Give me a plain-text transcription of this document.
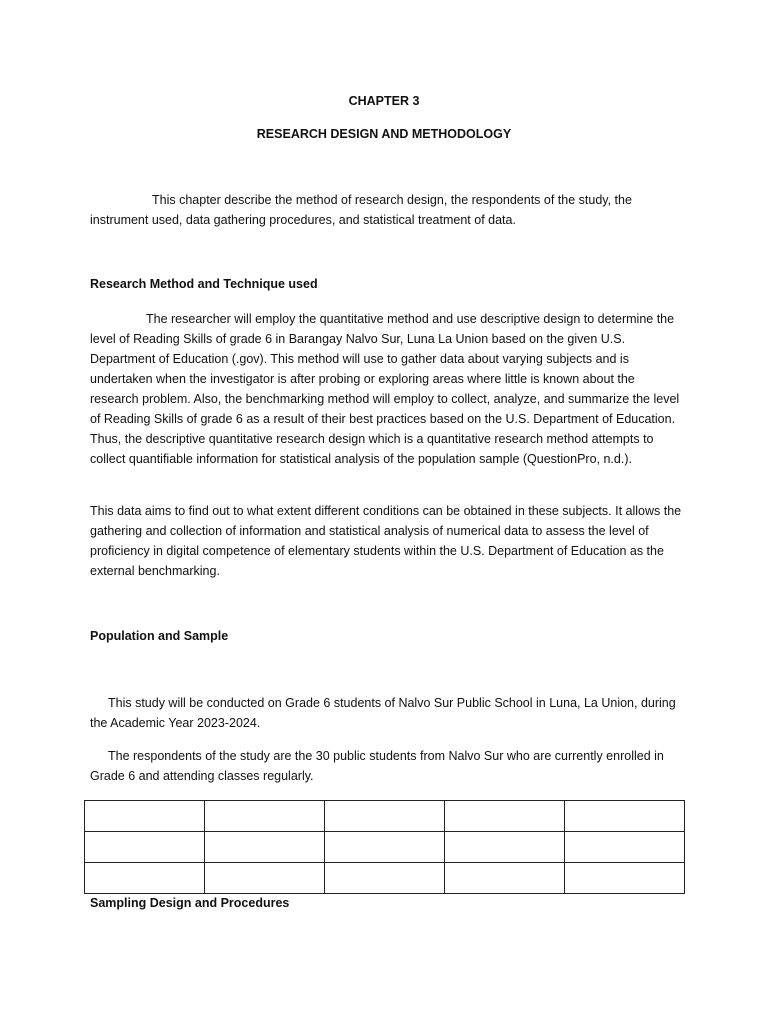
CHAPTER 3
RESEARCH DESIGN AND METHODOLOGY

This chapter describe the method of research design, the respondents of the study, the instrument used, data gathering procedures, and statistical treatment of data.

Research Method and Technique used

The researcher will employ the quantitative method and use descriptive design to determine the level of Reading Skills of grade 6 in Barangay Nalvo Sur, Luna La Union based on the given U.S. Department of Education (.gov). This method will use to gather data about varying subjects and is undertaken when the investigator is after probing or exploring areas where little is known about the research problem. Also, the benchmarking method will employ to collect, analyze, and summarize the level of Reading Skills of grade 6 as a result of their best practices based on the U.S. Department of Education. Thus, the descriptive quantitative research design which is a quantitative research method attempts to collect quantifiable information for statistical analysis of the population sample (QuestionPro, n.d.).

This data aims to find out to what extent different conditions can be obtained in these subjects. It allows the gathering and collection of information and statistical analysis of numerical data to assess the level of proficiency in digital competence of elementary students within the U.S. Department of Education as the external benchmarking.

Population and Sample

This study will be conducted on Grade 6 students of Nalvo Sur Public School in Luna, La Union, during the Academic Year 2023-2024.

The respondents of the study are the 30 public students from Nalvo Sur who are currently enrolled in Grade 6 and attending classes regularly.

Sampling Design and Procedures
